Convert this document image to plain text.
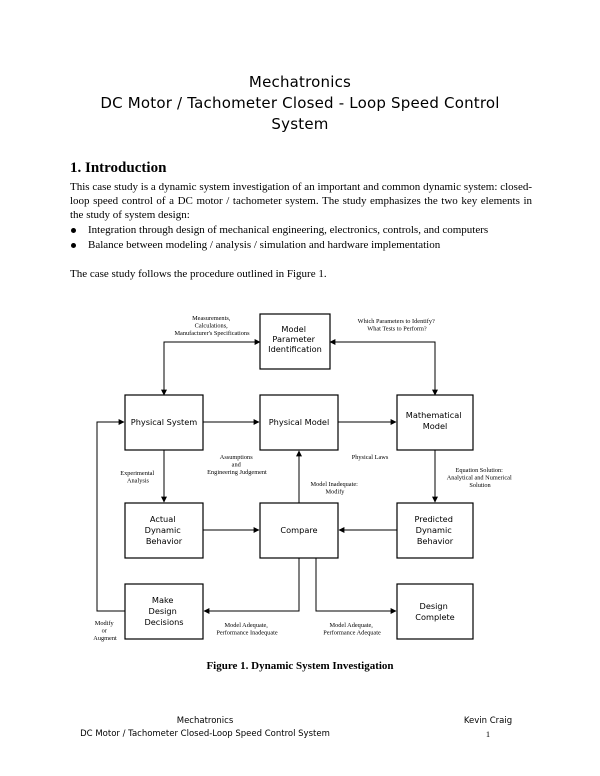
Mechatronics
DC Motor / Tachometer Closed - Loop Speed Control
System
1. Introduction
This case study is a dynamic system investigation of an important and common dynamic system: closed-loop speed control of a DC motor / tachometer system. The study emphasizes the two key elements in the study of system design:
Integration through design of mechanical engineering, electronics, controls, and computers
Balance between modeling / analysis / simulation and hardware implementation
The case study follows the procedure outlined in Figure 1.
Model Parameter Identification
Physical System	Physical Model
Mathematical Model
Actual Dynamic Behavior
Compare
Predicted Dynamic Behavior
Make Design Decisions
Design Complete
Measurements, Calculations, Manufacturer's Specifications
Which Parameters to Identify? What Tests to Perform?
Assumptions and Engineering Judgement
Physical Laws
Experimental Analysis
Equation Solution: Analytical and Numerical Solution
Model Inadequate: Modify
Modify or Augment
Model Adequate, Performance Inadequate
Model Adequate, Performance Adequate
Figure 1. Dynamic System Investigation
Mechatronics
DC Motor / Tachometer Closed-Loop Speed Control System
Kevin Craig
1
